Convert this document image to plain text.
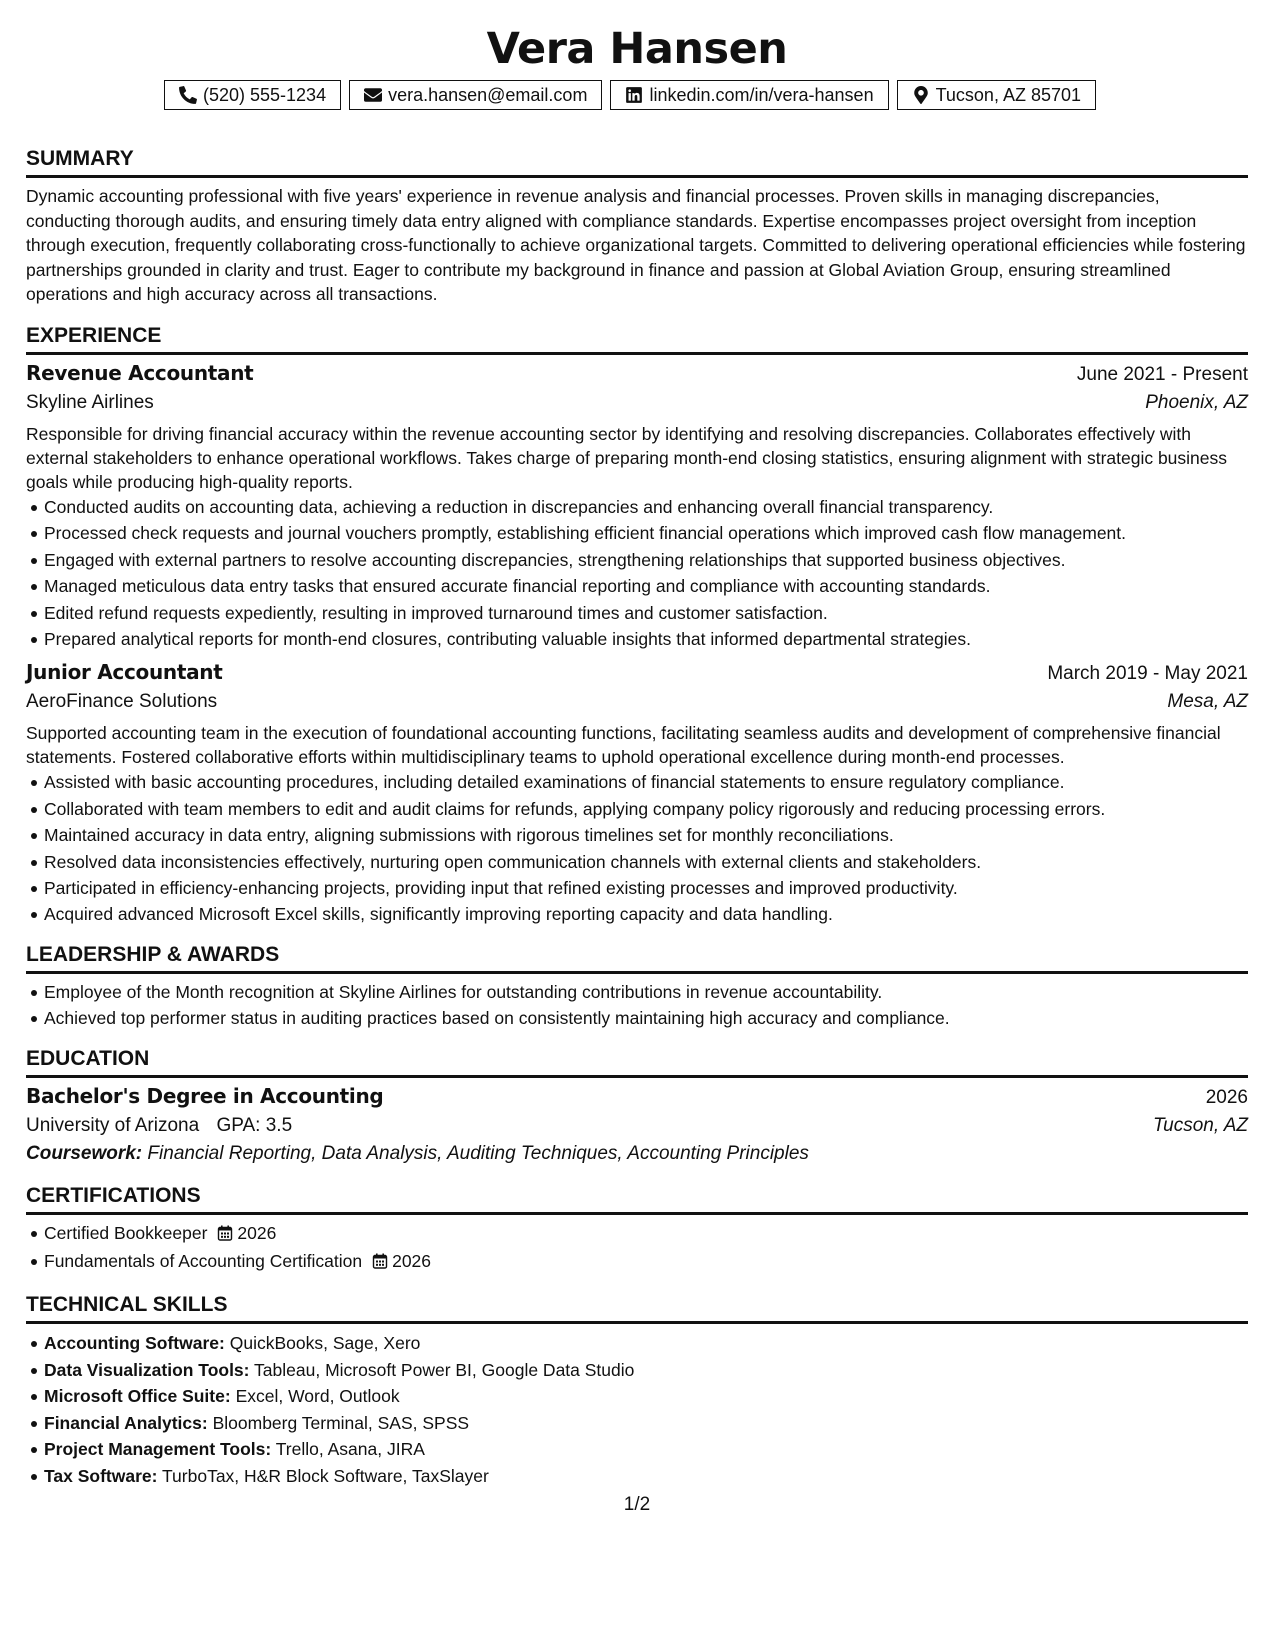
Vera Hansen
(520) 555-1234	vera.hansen@email.com	linkedin.com/in/vera-hansen	Tucson, AZ 85701
SUMMARY
Dynamic accounting professional with five years' experience in revenue analysis and financial processes. Proven skills in managing discrepancies, conducting thorough audits, and ensuring timely data entry aligned with compliance standards. Expertise encompasses project oversight from inception through execution, frequently collaborating cross-functionally to achieve organizational targets. Committed to delivering operational efficiencies while fostering partnerships grounded in clarity and trust. Eager to contribute my background in finance and passion at Global Aviation Group, ensuring streamlined operations and high accuracy across all transactions.
EXPERIENCE
Revenue Accountant	June 2021 - Present
Skyline Airlines	Phoenix, AZ
Responsible for driving financial accuracy within the revenue accounting sector by identifying and resolving discrepancies. Collaborates effectively with external stakeholders to enhance operational workflows. Takes charge of preparing month-end closing statistics, ensuring alignment with strategic business goals while producing high-quality reports.
Conducted audits on accounting data, achieving a reduction in discrepancies and enhancing overall financial transparency.
Processed check requests and journal vouchers promptly, establishing efficient financial operations which improved cash flow management.
Engaged with external partners to resolve accounting discrepancies, strengthening relationships that supported business objectives.
Managed meticulous data entry tasks that ensured accurate financial reporting and compliance with accounting standards.
Edited refund requests expediently, resulting in improved turnaround times and customer satisfaction.
Prepared analytical reports for month-end closures, contributing valuable insights that informed departmental strategies.
Junior Accountant	March 2019 - May 2021
AeroFinance Solutions	Mesa, AZ
Supported accounting team in the execution of foundational accounting functions, facilitating seamless audits and development of comprehensive financial statements. Fostered collaborative efforts within multidisciplinary teams to uphold operational excellence during month-end processes.
Assisted with basic accounting procedures, including detailed examinations of financial statements to ensure regulatory compliance.
Collaborated with team members to edit and audit claims for refunds, applying company policy rigorously and reducing processing errors.
Maintained accuracy in data entry, aligning submissions with rigorous timelines set for monthly reconciliations.
Resolved data inconsistencies effectively, nurturing open communication channels with external clients and stakeholders.
Participated in efficiency-enhancing projects, providing input that refined existing processes and improved productivity.
Acquired advanced Microsoft Excel skills, significantly improving reporting capacity and data handling.
LEADERSHIP & AWARDS
Employee of the Month recognition at Skyline Airlines for outstanding contributions in revenue accountability.
Achieved top performer status in auditing practices based on consistently maintaining high accuracy and compliance.
EDUCATION
Bachelor's Degree in Accounting	2026
University of Arizona GPA: 3.5	Tucson, AZ
Coursework: Financial Reporting, Data Analysis, Auditing Techniques, Accounting Principles
CERTIFICATIONS
Certified Bookkeeper 2026
Fundamentals of Accounting Certification 2026
TECHNICAL SKILLS
Accounting Software: QuickBooks, Sage, Xero
Data Visualization Tools: Tableau, Microsoft Power BI, Google Data Studio
Microsoft Office Suite: Excel, Word, Outlook
Financial Analytics: Bloomberg Terminal, SAS, SPSS
Project Management Tools: Trello, Asana, JIRA
Tax Software: TurboTax, H&R Block Software, TaxSlayer
1/2
